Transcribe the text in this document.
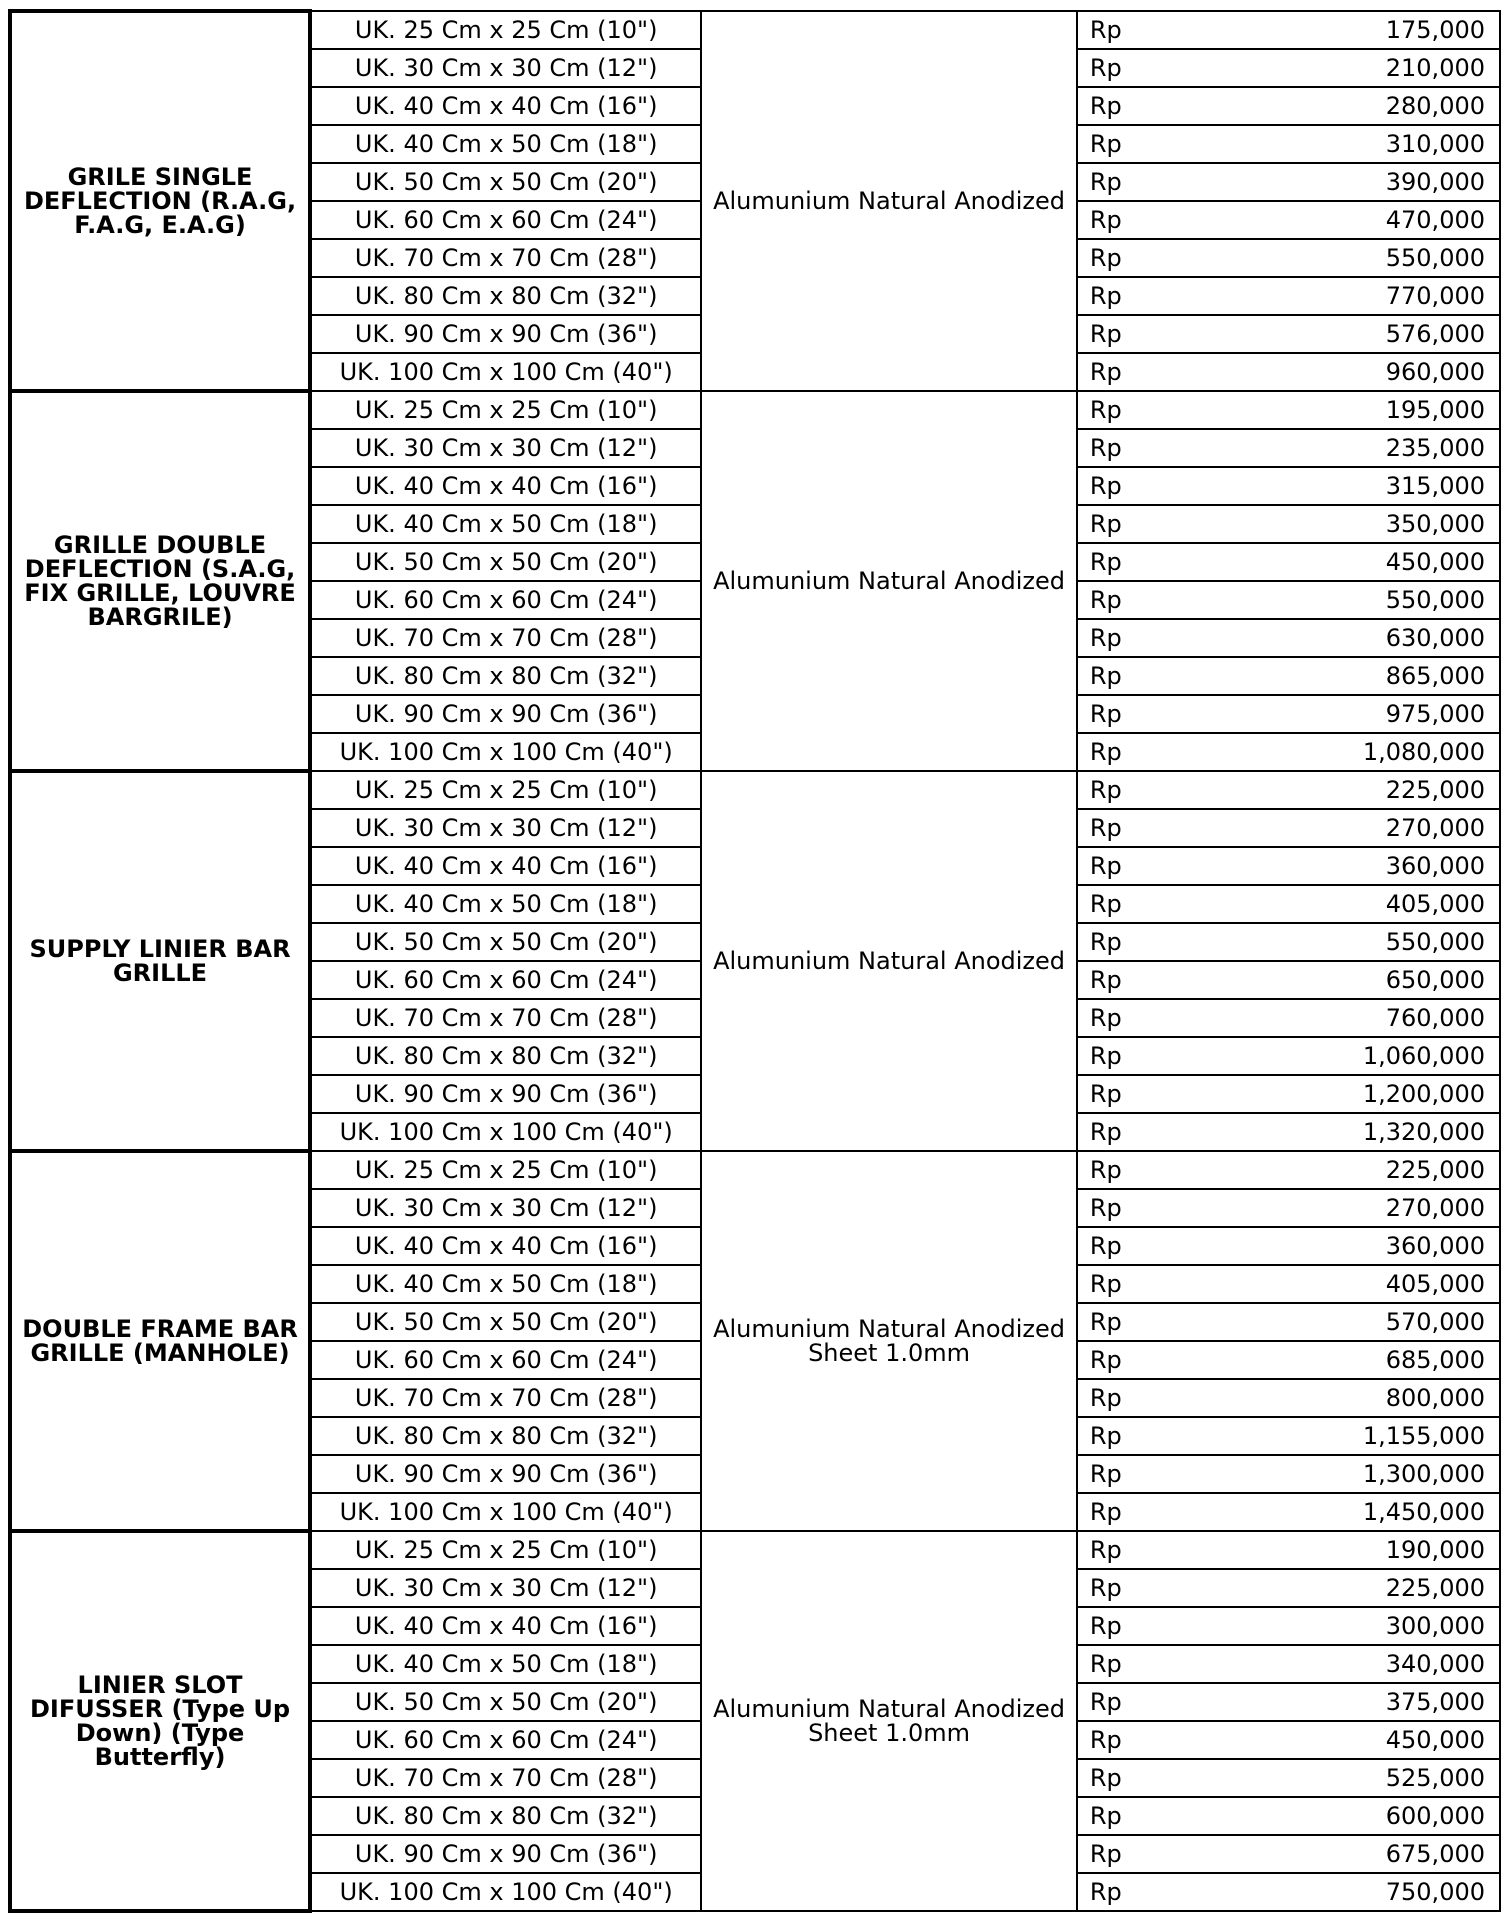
GRILE SINGLE DEFLECTION (R.A.G, F.A.G, E.A.G)	UK. 25 Cm x 25 Cm (10")	Alumunium Natural Anodized	Rp	175,000
	UK. 30 Cm x 30 Cm (12")		Rp	210,000
	UK. 40 Cm x 40 Cm (16")		Rp	280,000
	UK. 40 Cm x 50 Cm (18")		Rp	310,000
	UK. 50 Cm x 50 Cm (20")		Rp	390,000
	UK. 60 Cm x 60 Cm (24")		Rp	470,000
	UK. 70 Cm x 70 Cm (28")		Rp	550,000
	UK. 80 Cm x 80 Cm (32")		Rp	770,000
	UK. 90 Cm x 90 Cm (36")		Rp	576,000
	UK. 100 Cm x 100 Cm (40")		Rp	960,000
GRILLE DOUBLE DEFLECTION (S.A.G, FIX GRILLE, LOUVRE BARGRILE)	UK. 25 Cm x 25 Cm (10")	Alumunium Natural Anodized	Rp	195,000
	UK. 30 Cm x 30 Cm (12")		Rp	235,000
	UK. 40 Cm x 40 Cm (16")		Rp	315,000
	UK. 40 Cm x 50 Cm (18")		Rp	350,000
	UK. 50 Cm x 50 Cm (20")		Rp	450,000
	UK. 60 Cm x 60 Cm (24")		Rp	550,000
	UK. 70 Cm x 70 Cm (28")		Rp	630,000
	UK. 80 Cm x 80 Cm (32")		Rp	865,000
	UK. 90 Cm x 90 Cm (36")		Rp	975,000
	UK. 100 Cm x 100 Cm (40")		Rp	1,080,000
SUPPLY LINIER BAR GRILLE	UK. 25 Cm x 25 Cm (10")	Alumunium Natural Anodized	Rp	225,000
	UK. 30 Cm x 30 Cm (12")		Rp	270,000
	UK. 40 Cm x 40 Cm (16")		Rp	360,000
	UK. 40 Cm x 50 Cm (18")		Rp	405,000
	UK. 50 Cm x 50 Cm (20")		Rp	550,000
	UK. 60 Cm x 60 Cm (24")		Rp	650,000
	UK. 70 Cm x 70 Cm (28")		Rp	760,000
	UK. 80 Cm x 80 Cm (32")		Rp	1,060,000
	UK. 90 Cm x 90 Cm (36")		Rp	1,200,000
	UK. 100 Cm x 100 Cm (40")		Rp	1,320,000
DOUBLE FRAME BAR GRILLE (MANHOLE)	UK. 25 Cm x 25 Cm (10")	Alumunium Natural Anodized Sheet 1.0mm	Rp	225,000
	UK. 30 Cm x 30 Cm (12")		Rp	270,000
	UK. 40 Cm x 40 Cm (16")		Rp	360,000
	UK. 40 Cm x 50 Cm (18")		Rp	405,000
	UK. 50 Cm x 50 Cm (20")		Rp	570,000
	UK. 60 Cm x 60 Cm (24")		Rp	685,000
	UK. 70 Cm x 70 Cm (28")		Rp	800,000
	UK. 80 Cm x 80 Cm (32")		Rp	1,155,000
	UK. 90 Cm x 90 Cm (36")		Rp	1,300,000
	UK. 100 Cm x 100 Cm (40")		Rp	1,450,000
LINIER SLOT DIFUSSER (Type Up Down) (Type Butterfly)	UK. 25 Cm x 25 Cm (10")	Alumunium Natural Anodized Sheet 1.0mm	Rp	190,000
	UK. 30 Cm x 30 Cm (12")		Rp	225,000
	UK. 40 Cm x 40 Cm (16")		Rp	300,000
	UK. 40 Cm x 50 Cm (18")		Rp	340,000
	UK. 50 Cm x 50 Cm (20")		Rp	375,000
	UK. 60 Cm x 60 Cm (24")		Rp	450,000
	UK. 70 Cm x 70 Cm (28")		Rp	525,000
	UK. 80 Cm x 80 Cm (32")		Rp	600,000
	UK. 90 Cm x 90 Cm (36")		Rp	675,000
	UK. 100 Cm x 100 Cm (40")		Rp	750,000
